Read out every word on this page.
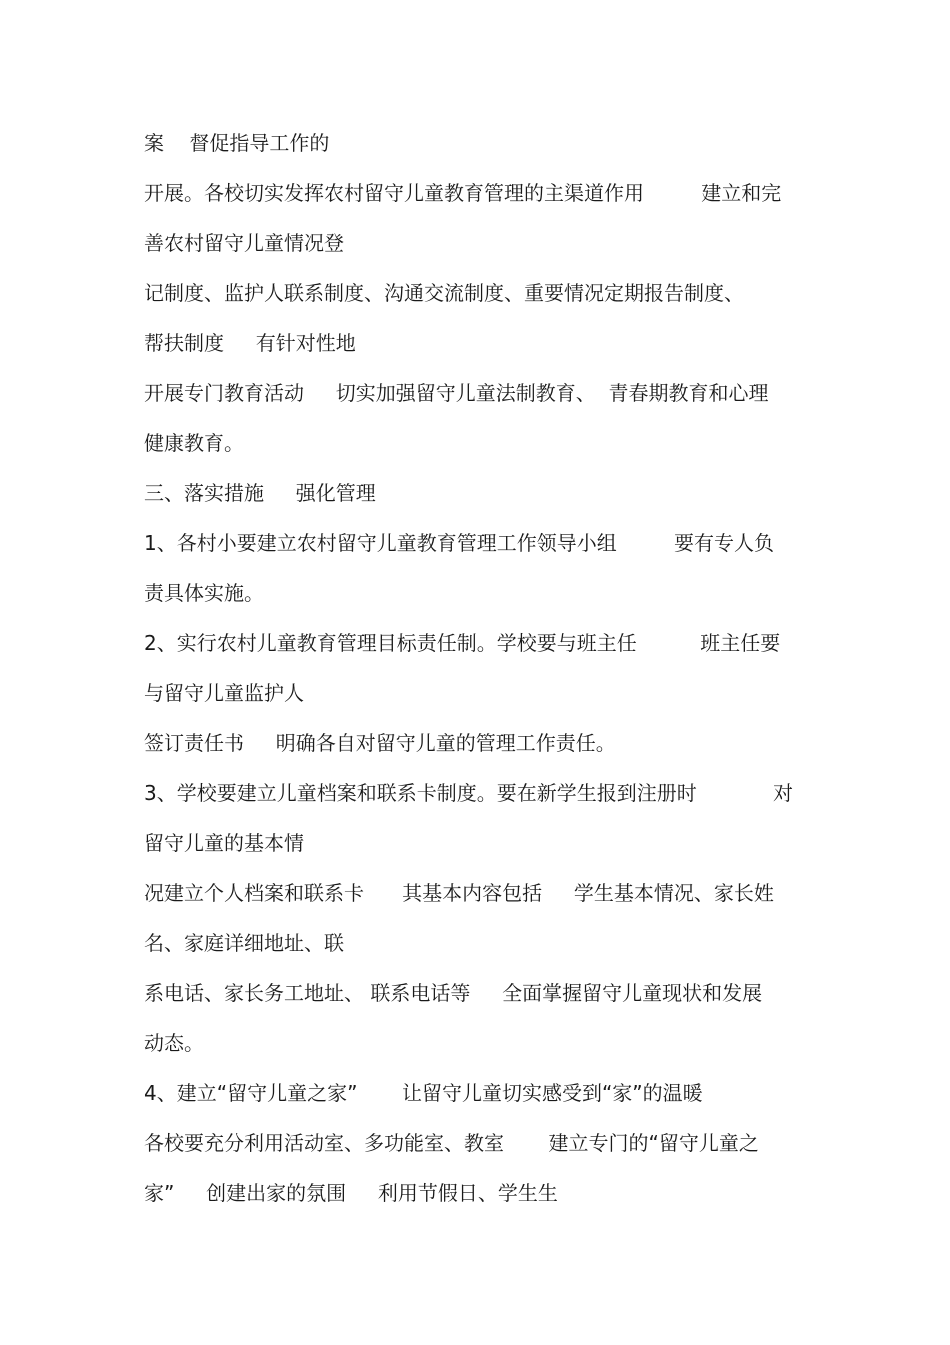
案    督促指导工作的
开展。各校切实发挥农村留守儿童教育管理的主渠道作用         建立和完
善农村留守儿童情况登
记制度、监护人联系制度、沟通交流制度、重要情况定期报告制度、
帮扶制度     有针对性地
开展专门教育活动     切实加强留守儿童法制教育、  青春期教育和心理
健康教育。
三、落实措施     强化管理
1、各村小要建立农村留守儿童教育管理工作领导小组         要有专人负
责具体实施。
2、实行农村儿童教育管理目标责任制。学校要与班主任          班主任要
与留守儿童监护人
签订责任书     明确各自对留守儿童的管理工作责任。
3、学校要建立儿童档案和联系卡制度。要在新学生报到注册时            对
留守儿童的基本情
况建立个人档案和联系卡      其基本内容包括     学生基本情况、家长姓
名、家庭详细地址、联
系电话、家长务工地址、 联系电话等     全面掌握留守儿童现状和发展
动态。
4、建立“留守儿童之家”       让留守儿童切实感受到“家”的温暖
各校要充分利用活动室、多功能室、教室       建立专门的“留守儿童之
家”     创建出家的氛围     利用节假日、学生生
